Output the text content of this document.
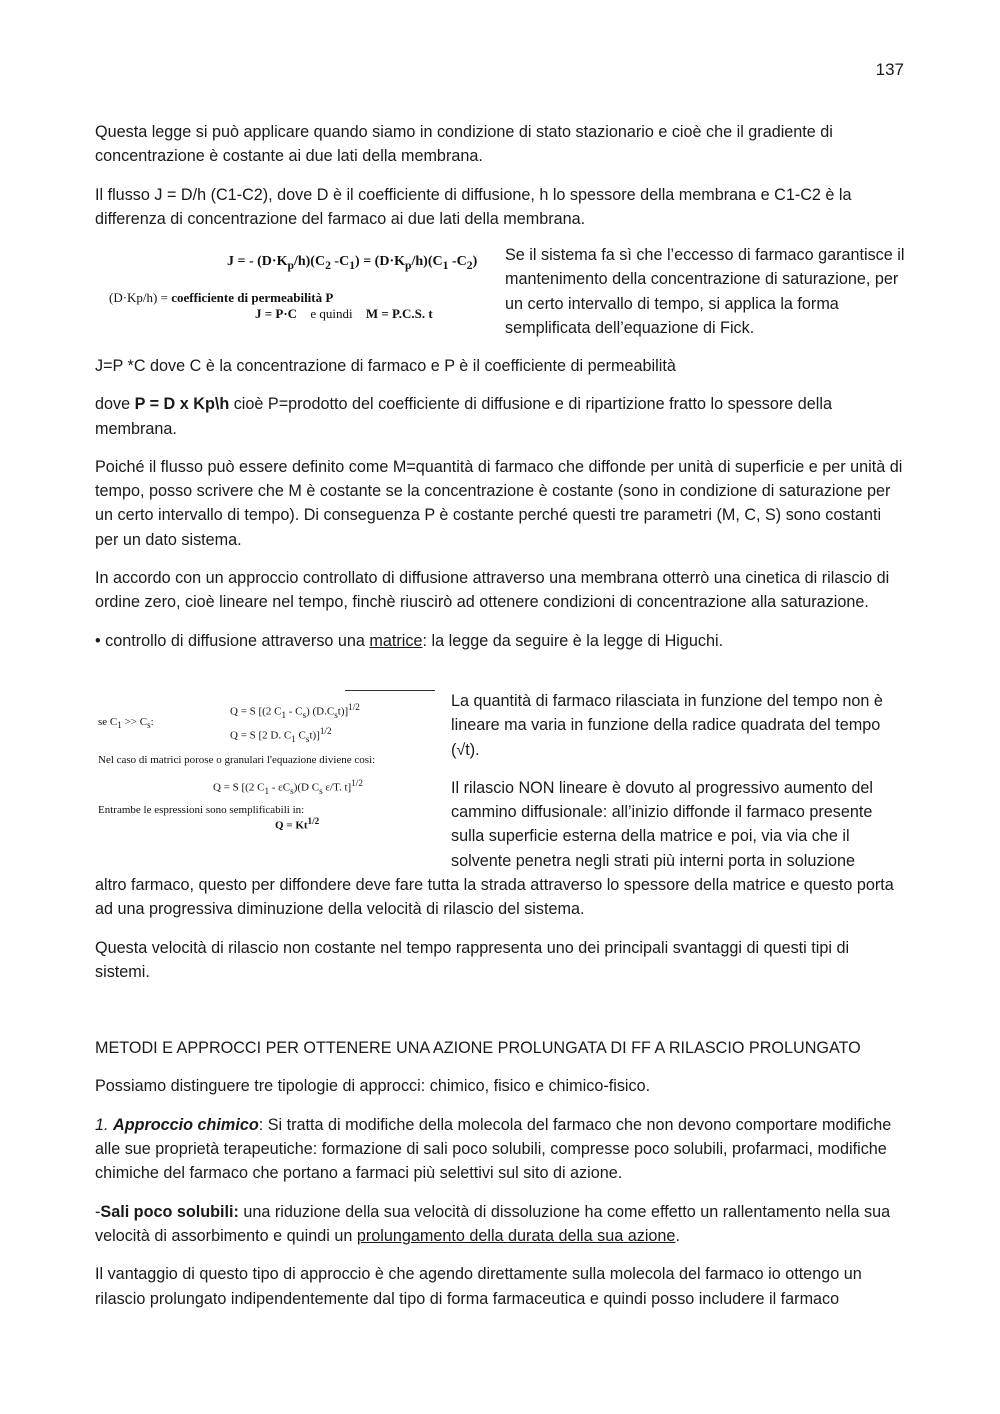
137

Questa legge si può applicare quando siamo in condizione di stato stazionario e cioè che il gradiente di concentrazione è costante ai due lati della membrana.

Il flusso J = D/h (C1-C2), dove D è il coefficiente di diffusione, h lo spessore della membrana e C1-C2 è la differenza di concentrazione del farmaco ai due lati della membrana.

J = - $(D\cdot K_p/h)(C_2$ $-C_1) = (D\cdot K_p/h)(C_1$ $-C_2$)
(D·Kp/h) = coefficiente di permeabilità P
J = P·C e quindi M = P.C.S. t

Se il sistema fa sì che l’eccesso di farmaco garantisce il mantenimento della concentrazione di saturazione, per un certo intervallo di tempo, si applica la forma semplificata dell’equazione di Fick.

J=P *C dove C è la concentrazione di farmaco e P è il coefficiente di permeabilità

dove P = D x Kp\h cioè P=prodotto del coefficiente di diffusione e di ripartizione fratto lo spessore della membrana.

Poiché il flusso può essere definito come M=quantità di farmaco che diffonde per unità di superficie e per unità di tempo, posso scrivere che M è costante se la concentrazione è costante (sono in condizione di saturazione per un certo intervallo di tempo). Di conseguenza P è costante perché questi tre parametri (M, C, S) sono costanti per un dato sistema.

In accordo con un approccio controllato di diffusione attraverso una membrana otterrò una cinetica di rilascio di ordine zero, cioè lineare nel tempo, finchè riuscirò ad ottenere condizioni di concentrazione alla saturazione.

• controllo di diffusione attraverso una matrice: la legge da seguire è la legge di Higuchi.

Q = S [(2 $C_1 - C_s$) $(D.C_st)]^{1/2}$
se $C_1 >> C_s$:
Q = S [2 D. $C_1$ $C_st)]^{1/2}$
Nel caso di matrici porose o granulari l'equazione diviene così:
Q = S [(2 $C_1 - \varepsilon C_s)(D$ $C_s$ ε/T. t]$^{1/2}$
Entrambe le espressioni sono semplificabili in:
$Q = Kt^{1/2}$

La quantità di farmaco rilasciata in funzione del tempo non è lineare ma varia in funzione della radice quadrata del tempo (√t).

Il rilascio NON lineare è dovuto al progressivo aumento del cammino diffusionale: all’inizio diffonde il farmaco presente sulla superficie esterna della matrice e poi, via via che il solvente penetra negli strati più interni porta in soluzione

altro farmaco, questo per diffondere deve fare tutta la strada attraverso lo spessore della matrice e questo porta ad una progressiva diminuzione della velocità di rilascio del sistema.

Questa velocità di rilascio non costante nel tempo rappresenta uno dei principali svantaggi di questi tipi di sistemi.

METODI E APPROCCI PER OTTENERE UNA AZIONE PROLUNGATA DI FF A RILASCIO PROLUNGATO

Possiamo distinguere tre tipologie di approcci: chimico, fisico e chimico-fisico.

1. Approccio chimico: Si tratta di modifiche della molecola del farmaco che non devono comportare modifiche alle sue proprietà terapeutiche: formazione di sali poco solubili, compresse poco solubili, profarmaci, modifiche chimiche del farmaco che portano a farmaci più selettivi sul sito di azione.

-Sali poco solubili: una riduzione della sua velocità di dissoluzione ha come effetto un rallentamento nella sua velocità di assorbimento e quindi un prolungamento della durata della sua azione.

Il vantaggio di questo tipo di approccio è che agendo direttamente sulla molecola del farmaco io ottengo un rilascio prolungato indipendentemente dal tipo di forma farmaceutica e quindi posso includere il farmaco
